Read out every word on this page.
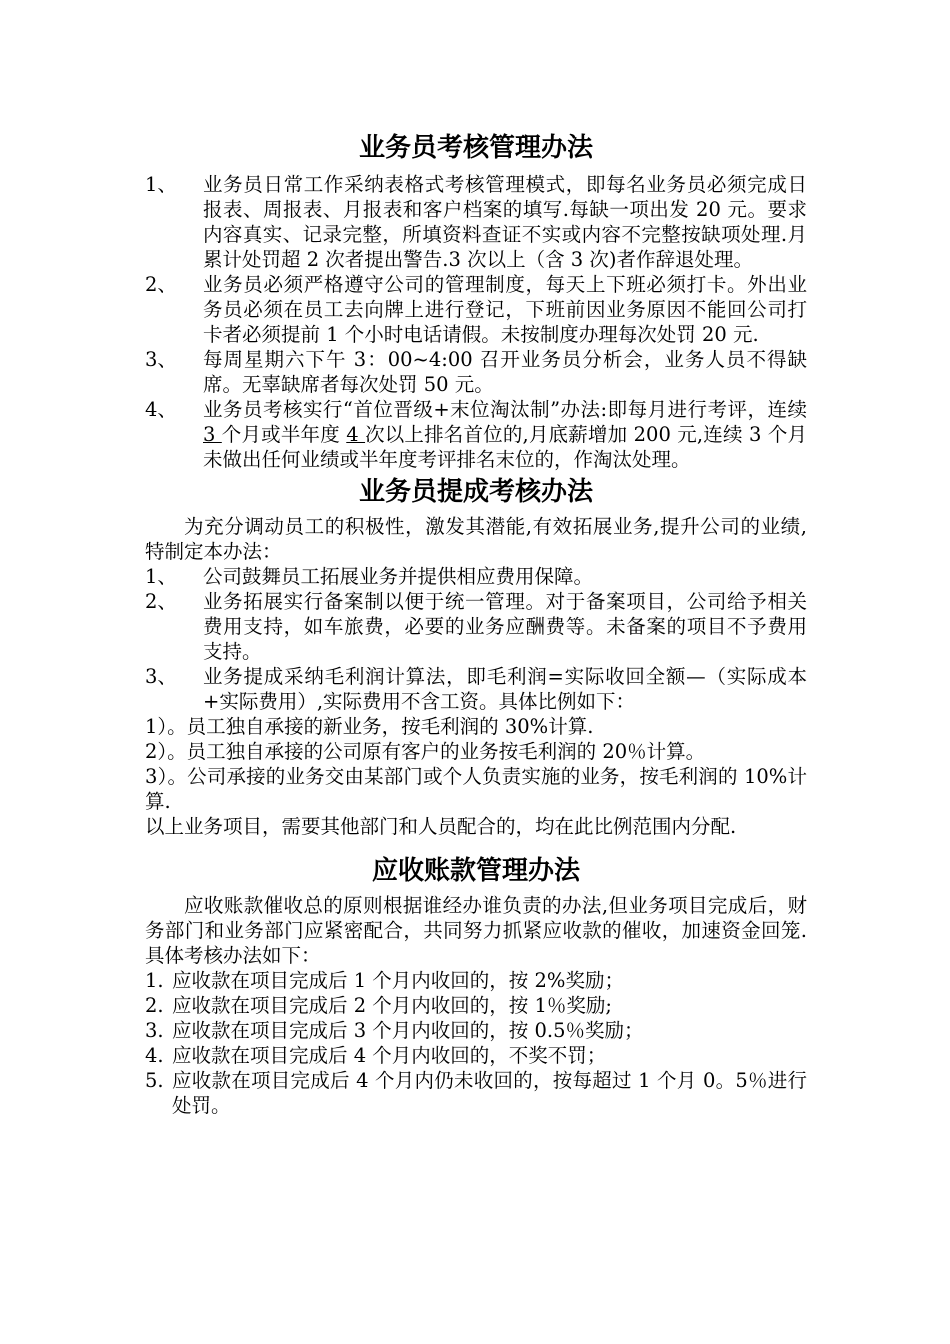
业务员考核管理办法
1、	业务员日常工作采纳表格式考核管理模式，即每名业务员必须完成日报表、周报表、月报表和客户档案的填写.每缺一项出发 20 元。要求内容真实、记录完整，所填资料查证不实或内容不完整按缺项处理.月累计处罚超 2 次者提出警告.3 次以上（含 3 次)者作辞退处理。
2、	业务员必须严格遵守公司的管理制度，每天上下班必须打卡。外出业务员必须在员工去向牌上进行登记，下班前因业务原因不能回公司打卡者必须提前 1 个小时电话请假。未按制度办理每次处罚 20 元.
3、	每周星期六下午 3：00~4:00 召开业务员分析会，业务人员不得缺席。无辜缺席者每次处罚 50 元。
4、	业务员考核实行“首位晋级+末位淘汰制”办法:即每月进行考评，连续 3 个月或半年度 4 次以上排名首位的,月底薪增加 200 元,连续 3 个月未做出任何业绩或半年度考评排名末位的，作淘汰处理。
业务员提成考核办法
为充分调动员工的积极性，激发其潜能,有效拓展业务,提升公司的业绩,特制定本办法：
1、	公司鼓舞员工拓展业务并提供相应费用保障。
2、	业务拓展实行备案制以便于统一管理。对于备案项目，公司给予相关费用支持，如车旅费，必要的业务应酬费等。未备案的项目不予费用支持。
3、	业务提成采纳毛利润计算法，即毛利润=实际收回全额—（实际成本+实际费用）,实际费用不含工资。具体比例如下：
1）。员工独自承接的新业务，按毛利润的 30%计算.
2）。员工独自承接的公司原有客户的业务按毛利润的 20％计算。
3）。公司承接的业务交由某部门或个人负责实施的业务，按毛利润的 10%计算.
以上业务项目，需要其他部门和人员配合的，均在此比例范围内分配.
应收账款管理办法
应收账款催收总的原则根据谁经办谁负责的办法,但业务项目完成后，财务部门和业务部门应紧密配合，共同努力抓紧应收款的催收，加速资金回笼.具体考核办法如下：
1. 应收款在项目完成后 1 个月内收回的，按 2%奖励；
2. 应收款在项目完成后 2 个月内收回的，按 1％奖励;
3. 应收款在项目完成后 3 个月内收回的，按 0.5％奖励；
4. 应收款在项目完成后 4 个月内收回的，不奖不罚；
5. 应收款在项目完成后 4 个月内仍未收回的，按每超过 1 个月 0。5％进行处罚。
